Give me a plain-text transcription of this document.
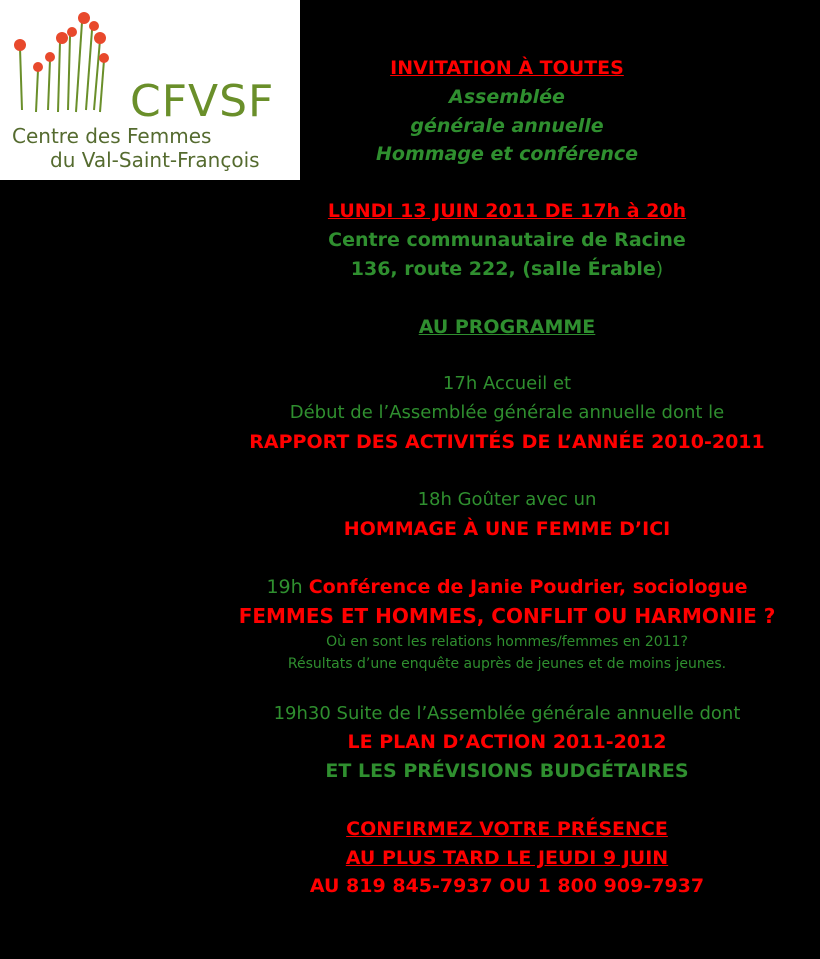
CFVSF
Centre des Femmes
du Val-Saint-François
INVITATION À TOUTES
Assemblée
générale annuelle
Hommage et conférence
LUNDI 13 JUIN 2011 DE 17h à 20h
Centre communautaire de Racine
136, route 222, (salle Érable)
AU PROGRAMME
17h Accueil et
Début de l’Assemblée générale annuelle dont le
RAPPORT DES ACTIVITÉS DE L’ANNÉE 2010-2011
18h Goûter avec un
HOMMAGE À UNE FEMME D’ICI
19h Conférence de Janie Poudrier, sociologue
FEMMES ET HOMMES, CONFLIT OU HARMONIE ?
Où en sont les relations hommes/femmes en 2011?
Résultats d’une enquête auprès de jeunes et de moins jeunes.
19h30 Suite de l’Assemblée générale annuelle dont
LE PLAN D’ACTION 2011-2012
ET LES PRÉVISIONS BUDGÉTAIRES
CONFIRMEZ VOTRE PRÉSENCE
AU PLUS TARD LE JEUDI 9 JUIN
AU 819 845-7937 OU 1 800 909-7937
